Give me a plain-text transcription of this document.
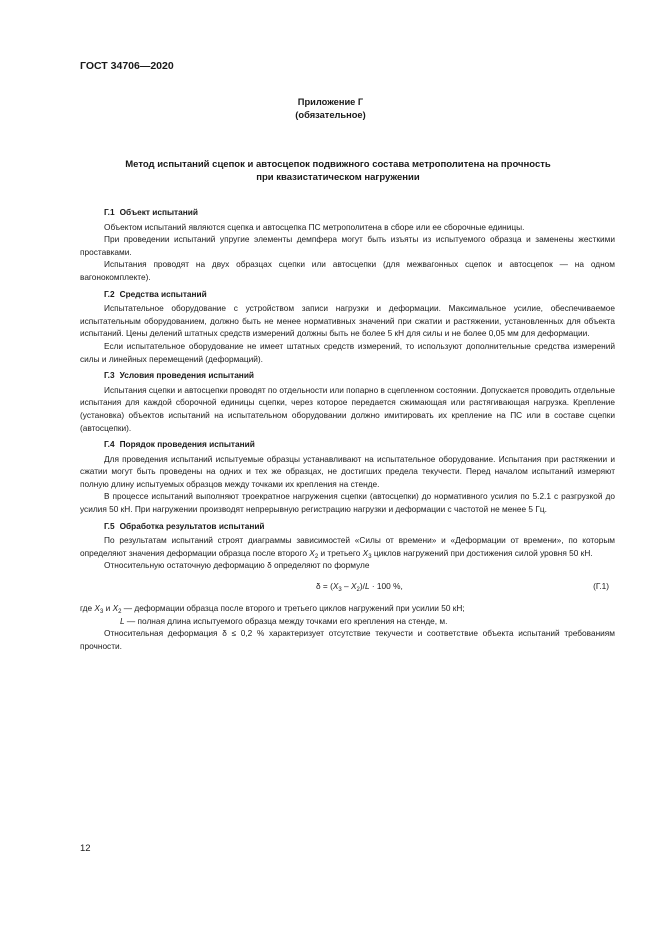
ГОСТ 34706—2020
Приложение Г
(обязательное)
Метод испытаний сцепок и автосцепок подвижного состава метрополитена на прочность
при квазистатическом нагружении
Г.1 Объект испытаний

Объектом испытаний являются сцепка и автосцепка ПС метрополитена в сборе или ее сборочные единицы.

При проведении испытаний упругие элементы демпфера могут быть изъяты из испытуемого образца и заменены жесткими проставками.

Испытания проводят на двух образцах сцепки или автосцепки (для межвагонных сцепок и автосцепок — на одном вагонокомплекте).

Г.2 Средства испытаний

Испытательное оборудование с устройством записи нагрузки и деформации. Максимальное усилие, обеспечиваемое испытательным оборудованием, должно быть не менее нормативных значений при сжатии и растяжении, установленных для объекта испытаний. Цены делений штатных средств измерений должны быть не более 5 кН для силы и не более 0,05 мм для деформации.

Если испытательное оборудование не имеет штатных средств измерений, то используют дополнительные средства измерений силы и линейных перемещений (деформаций).

Г.3 Условия проведения испытаний

Испытания сцепки и автосцепки проводят по отдельности или попарно в сцепленном состоянии. Допускается проводить отдельные испытания для каждой сборочной единицы сцепки, через которое передается сжимающая или растягивающая нагрузка. Крепление (установка) объектов испытаний на испытательном оборудовании должно имитировать их крепление на ПС или в составе сцепки (автосцепки).

Г.4 Порядок проведения испытаний

Для проведения испытаний испытуемые образцы устанавливают на испытательное оборудование. Испытания при растяжении и сжатии могут быть проведены на одних и тех же образцах, не достигших предела текучести. Перед началом испытаний измеряют полную длину испытуемых образцов между точками их крепления на стенде.

В процессе испытаний выполняют троекратное нагружения сцепки (автосцепки) до нормативного усилия по 5.2.1 с разгрузкой до усилия 50 кН. При нагружении производят непрерывную регистрацию нагрузки и деформации с частотой не менее 5 Гц.

Г.5 Обработка результатов испытаний

По результатам испытаний строят диаграммы зависимостей «Силы от времени» и «Деформации от времени», по которым определяют значения деформации образца после второго $X_2$ и третьего $X_3$ циклов нагружений при достижения силой уровня 50 кН.

Относительную остаточную деформацию δ определяют по формуле

$\delta = (X_3 - X_2)/L \cdot 100$ %,	(Г.1)

где $X_3$ и $X_2$ — деформации образца после второго и третьего циклов нагружений при усилии 50 кН;

L — полная длина испытуемого образца между точками его крепления на стенде, м.

Относительная деформация δ ≤ 0,2 % характеризует отсутствие текучести и соответствие объекта испытаний требованиям прочности.

12
